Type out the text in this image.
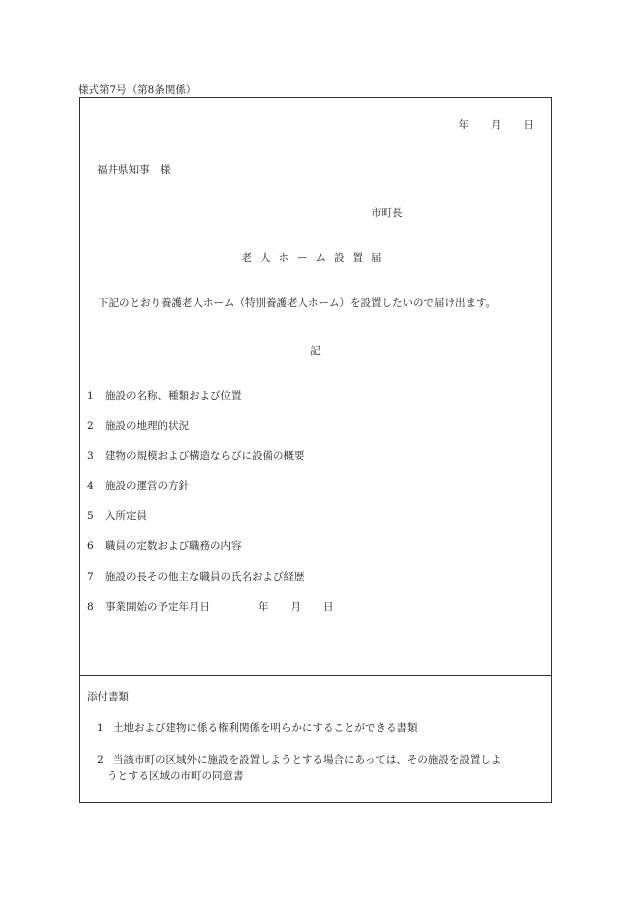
様式第7号（第8条関係）
年 月 日
福井県知事　様
市町長
老人ホーム設置届
下記のとおり養護老人ホーム（特別養護老人ホーム）を設置したいので届け出ます。
記
1 施設の名称、種類および位置
2 施設の地理的状況
3 建物の規模および構造ならびに設備の概要
4 施設の運営の方針
5 入所定員
6 職員の定数および職務の内容
7 施設の長その他主な職員の氏名および経歴
8 事業開始の予定年月日	年 月 日
添付書類
1 土地および建物に係る権利関係を明らかにすることができる書類
2 当該市町の区域外に施設を設置しようとする場合にあっては、その施設を設置しよ
うとする区域の市町の同意書
